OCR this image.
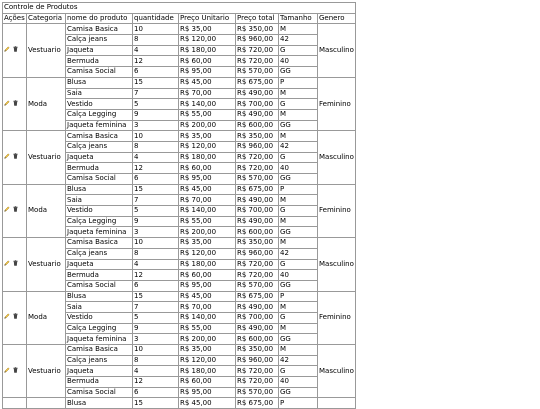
Controle de Produtos							
Ações	Categoria	nome do produto	quantidade	Preço Unitario	Preço total	Tamanho	Genero

	Vestuario	Camisa Basica	10	R$ 35,00	R$ 350,00	M	Masculino
		Calça jeans	8	R$ 120,00	R$ 960,00	42	
		Jaqueta	4	R$ 180,00	R$ 720,00	G	
		Bermuda	12	R$ 60,00	R$ 720,00	40	
		Camisa Social	6	R$ 95,00	R$ 570,00	GG	

	Moda	Blusa	15	R$ 45,00	R$ 675,00	P	Feminino
		Saia	7	R$ 70,00	R$ 490,00	M	
		Vestido	5	R$ 140,00	R$ 700,00	G	
		Calça Legging	9	R$ 55,00	R$ 490,00	M	
		Jaqueta feminina	3	R$ 200,00	R$ 600,00	GG	

	Vestuario	Camisa Basica	10	R$ 35,00	R$ 350,00	M	Masculino
		Calça jeans	8	R$ 120,00	R$ 960,00	42	
		Jaqueta	4	R$ 180,00	R$ 720,00	G	
		Bermuda	12	R$ 60,00	R$ 720,00	40	
		Camisa Social	6	R$ 95,00	R$ 570,00	GG	

	Moda	Blusa	15	R$ 45,00	R$ 675,00	P	Feminino
		Saia	7	R$ 70,00	R$ 490,00	M	
		Vestido	5	R$ 140,00	R$ 700,00	G	
		Calça Legging	9	R$ 55,00	R$ 490,00	M	
		Jaqueta feminina	3	R$ 200,00	R$ 600,00	GG	

	Vestuario	Camisa Basica	10	R$ 35,00	R$ 350,00	M	Masculino
		Calça jeans	8	R$ 120,00	R$ 960,00	42	
		Jaqueta	4	R$ 180,00	R$ 720,00	G	
		Bermuda	12	R$ 60,00	R$ 720,00	40	
		Camisa Social	6	R$ 95,00	R$ 570,00	GG	

	Moda	Blusa	15	R$ 45,00	R$ 675,00	P	Feminino
		Saia	7	R$ 70,00	R$ 490,00	M	
		Vestido	5	R$ 140,00	R$ 700,00	G	
		Calça Legging	9	R$ 55,00	R$ 490,00	M	
		Jaqueta feminina	3	R$ 200,00	R$ 600,00	GG	

	Vestuario	Camisa Basica	10	R$ 35,00	R$ 350,00	M	Masculino
		Calça jeans	8	R$ 120,00	R$ 960,00	42	
		Jaqueta	4	R$ 180,00	R$ 720,00	G	
		Bermuda	12	R$ 60,00	R$ 720,00	40	
		Camisa Social	6	R$ 95,00	R$ 570,00	GG	
		Blusa	15	R$ 45,00	R$ 675,00	P	
